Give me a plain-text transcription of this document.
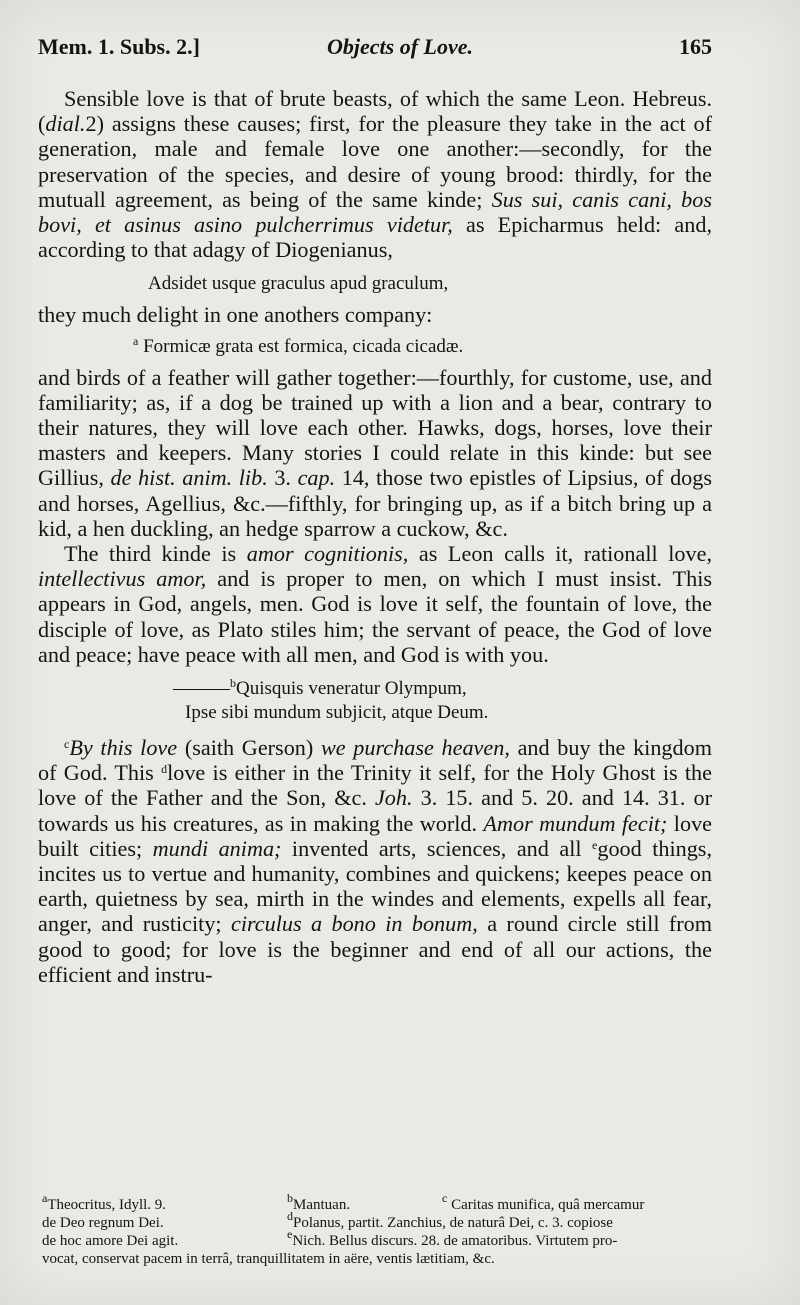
Mem. 1. Subs. 2.]	Objects of Love.	165

Sensible love is that of brute beasts, of which the same Leon. Hebreus. (dial.2) assigns these causes; first, for the pleasure they take in the act of generation, male and female love one another:—secondly, for the preservation of the species, and desire of young brood: thirdly, for the mutuall agreement, as being of the same kinde; Sus sui, canis cani, bos bovi, et asinus asino pulcherrimus videtur, as Epicharmus held: and, according to that adagy of Diogenianus,

Adsidet usque graculus apud graculum,

they much delight in one anothers company:

$^a$ Formicæ grata est formica, cicada cicadæ.

and birds of a feather will gather together:—fourthly, for custome, use, and familiarity; as, if a dog be trained up with a lion and a bear, contrary to their natures, they will love each other. Hawks, dogs, horses, love their masters and keepers. Many stories I could relate in this kinde: but see Gillius, de hist. anim. lib. 3. cap. 14, those two epistles of Lipsius, of dogs and horses, Agellius, &c.—fifthly, for bringing up, as if a bitch bring up a kid, a hen duckling, an hedge sparrow a cuckow, &c.

The third kinde is amor cognitionis, as Leon calls it, rationall love, intellectivus amor, and is proper to men, on which I must insist. This appears in God, angels, men. God is love it self, the fountain of love, the disciple of love, as Plato stiles him; the servant of peace, the God of love and peace; have peace with all men, and God is with you.

———$^b$Quisquis veneratur Olympum,
Ipse sibi mundum subjicit, atque Deum.

$^c$By this love (saith Gerson) we purchase heaven, and buy the kingdom of God. This $^d$love is either in the Trinity it self, for the Holy Ghost is the love of the Father and the Son, &c. Joh. 3. 15. and 5. 20. and 14. 31. or towards us his creatures, as in making the world. Amor mundum fecit; love built cities; mundi anima; invented arts, sciences, and all $^e$good things, incites us to vertue and humanity, combines and quickens; keepes peace on earth, quietness by sea, mirth in the windes and elements, expells all fear, anger, and rusticity; circulus a bono in bonum, a round circle still from good to good; for love is the beginner and end of all our actions, the efficient and instru-

$^a$Theocritus, Idyll. 9.	$^b$Mantuan.	$^c$ Caritas munifica, quâ mercamur
de Deo regnum Dei.	$^d$Polanus, partit. Zanchius, de naturâ Dei, c. 3. copiose
de hoc amore Dei agit.	$^e$Nich. Bellus discurs. 28. de amatoribus. Virtutem pro-
vocat, conservat pacem in terrâ, tranquillitatem in aëre, ventis lætitiam, &c.
